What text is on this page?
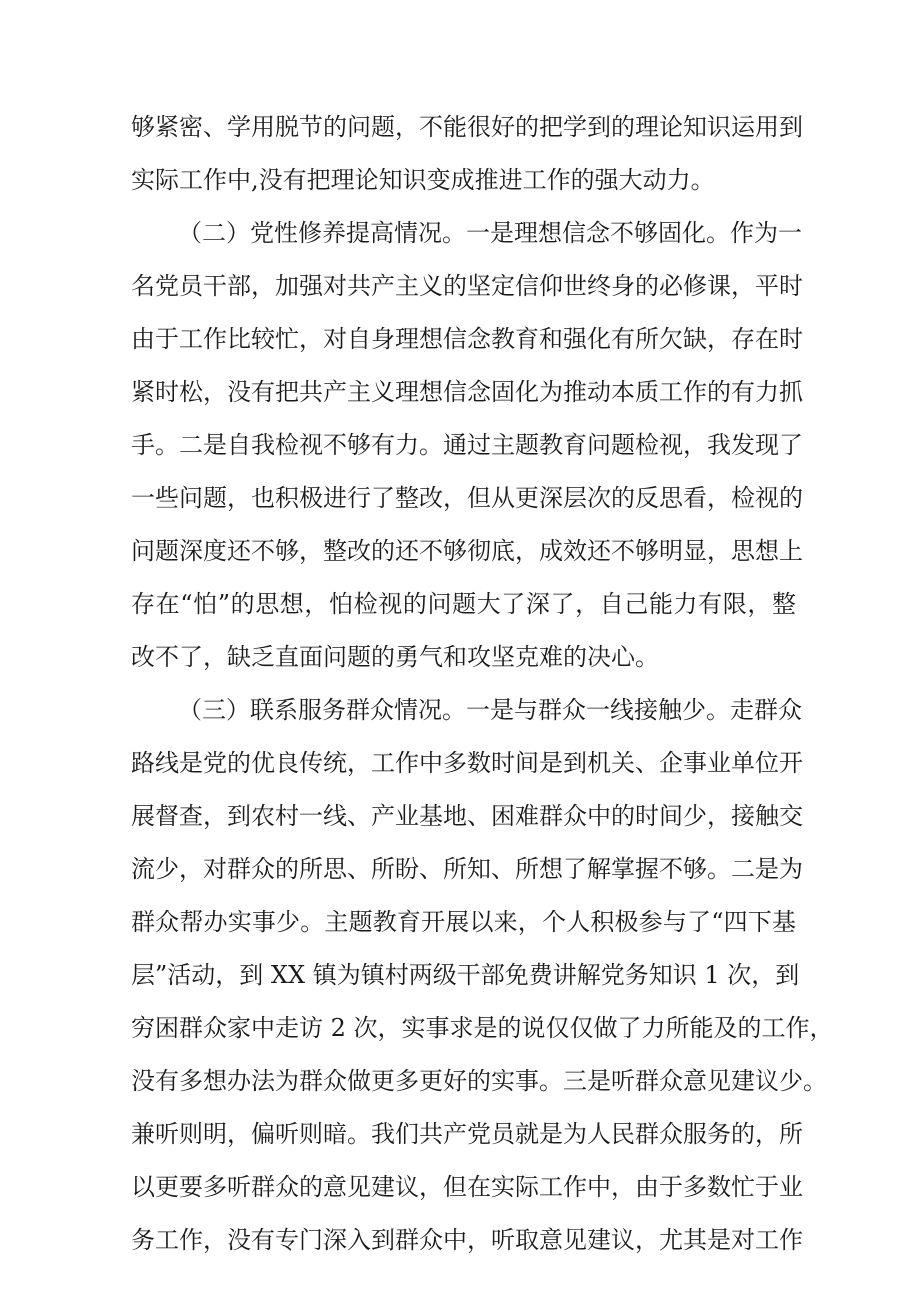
够紧密、学用脱节的问题，不能很好的把学到的理论知识运用到
实际工作中,没有把理论知识变成推进工作的强大动力。
（二）党性修养提高情况。一是理想信念不够固化。作为一
名党员干部，加强对共产主义的坚定信仰世终身的必修课，平时
由于工作比较忙，对自身理想信念教育和强化有所欠缺，存在时
紧时松，没有把共产主义理想信念固化为推动本质工作的有力抓
手。二是自我检视不够有力。通过主题教育问题检视，我发现了
一些问题，也积极进行了整改，但从更深层次的反思看，检视的
问题深度还不够，整改的还不够彻底，成效还不够明显，思想上
存在“怕”的思想，怕检视的问题大了深了，自己能力有限，整
改不了，缺乏直面问题的勇气和攻坚克难的决心。
（三）联系服务群众情况。一是与群众一线接触少。走群众
路线是党的优良传统，工作中多数时间是到机关、企事业单位开
展督查，到农村一线、产业基地、困难群众中的时间少，接触交
流少，对群众的所思、所盼、所知、所想了解掌握不够。二是为
群众帮办实事少。主题教育开展以来，个人积极参与了“四下基
层”活动，到 XX 镇为镇村两级干部免费讲解党务知识 1 次，到
穷困群众家中走访 2 次，实事求是的说仅仅做了力所能及的工作，
没有多想办法为群众做更多更好的实事。三是听群众意见建议少。
兼听则明，偏听则暗。我们共产党员就是为人民群众服务的，所
以更要多听群众的意见建议，但在实际工作中，由于多数忙于业
务工作，没有专门深入到群众中，听取意见建议，尤其是对工作
